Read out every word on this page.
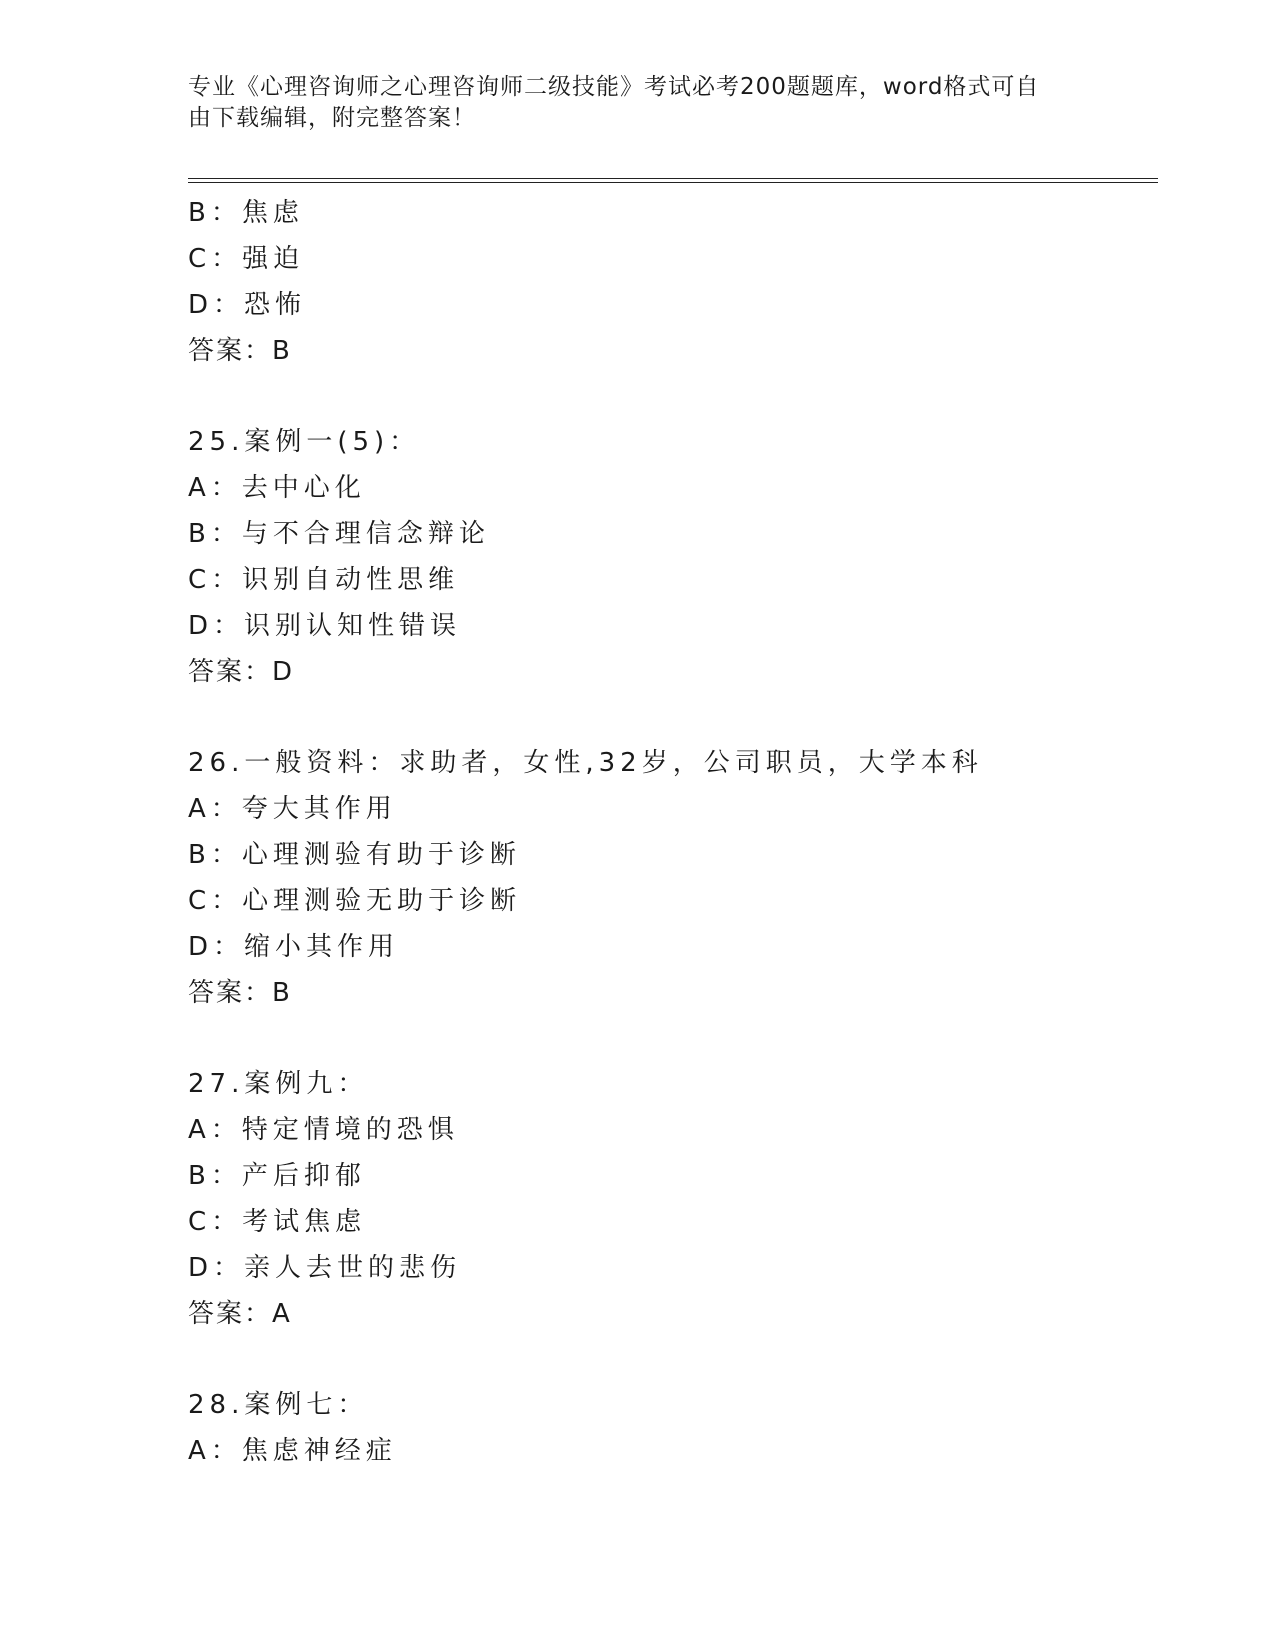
专业《心理咨询师之心理咨询师二级技能》考试必考200题题库，word格式可自
由下载编辑，附完整答案！
B：焦虑
C：强迫
D：恐怖
答案：B
25.案例一(5)：
A：去中心化
B：与不合理信念辩论
C：识别自动性思维
D：识别认知性错误
答案：D
26.一般资料：求助者，女性,32岁，公司职员，大学本科
A：夸大其作用
B：心理测验有助于诊断
C：心理测验无助于诊断
D：缩小其作用
答案：B
27.案例九：
A：特定情境的恐惧
B：产后抑郁
C：考试焦虑
D：亲人去世的悲伤
答案：A
28.案例七：
A：焦虑神经症
